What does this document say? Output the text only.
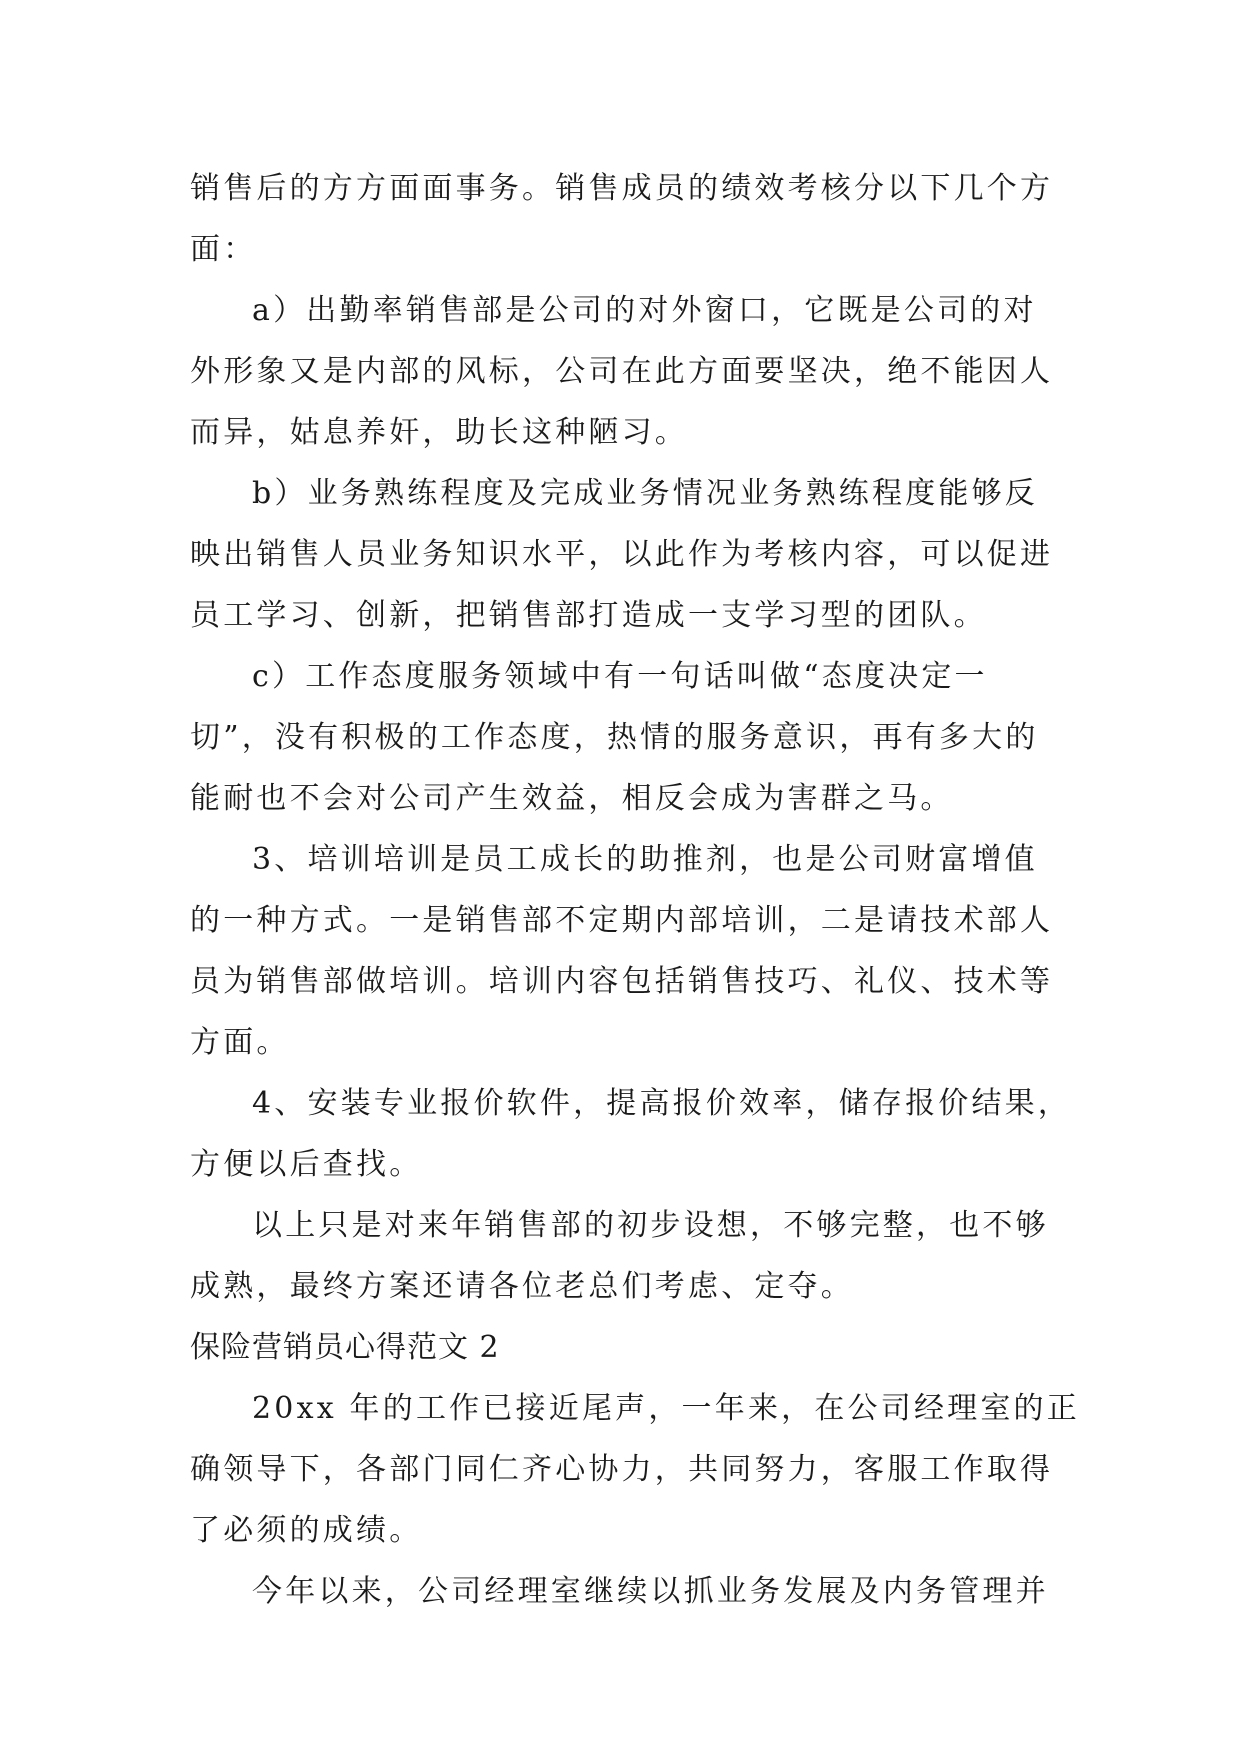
销售后的方方面面事务。销售成员的绩效考核分以下几个方
面：
a）出勤率销售部是公司的对外窗口，它既是公司的对
外形象又是内部的风标，公司在此方面要坚决，绝不能因人
而异，姑息养奸，助长这种陋习。
b）业务熟练程度及完成业务情况业务熟练程度能够反
映出销售人员业务知识水平，以此作为考核内容，可以促进
员工学习、创新，把销售部打造成一支学习型的团队。
c）工作态度服务领域中有一句话叫做“态度决定一
切”，没有积极的工作态度，热情的服务意识，再有多大的
能耐也不会对公司产生效益，相反会成为害群之马。
3、培训培训是员工成长的助推剂，也是公司财富增值
的一种方式。一是销售部不定期内部培训，二是请技术部人
员为销售部做培训。培训内容包括销售技巧、礼仪、技术等
方面。
4、安装专业报价软件，提高报价效率，储存报价结果，
方便以后查找。
以上只是对来年销售部的初步设想，不够完整，也不够
成熟，最终方案还请各位老总们考虑、定夺。
保险营销员心得范文 2
20xx 年的工作已接近尾声，一年来，在公司经理室的正
确领导下，各部门同仁齐心协力，共同努力，客服工作取得
了必须的成绩。
今年以来，公司经理室继续以抓业务发展及内务管理并
